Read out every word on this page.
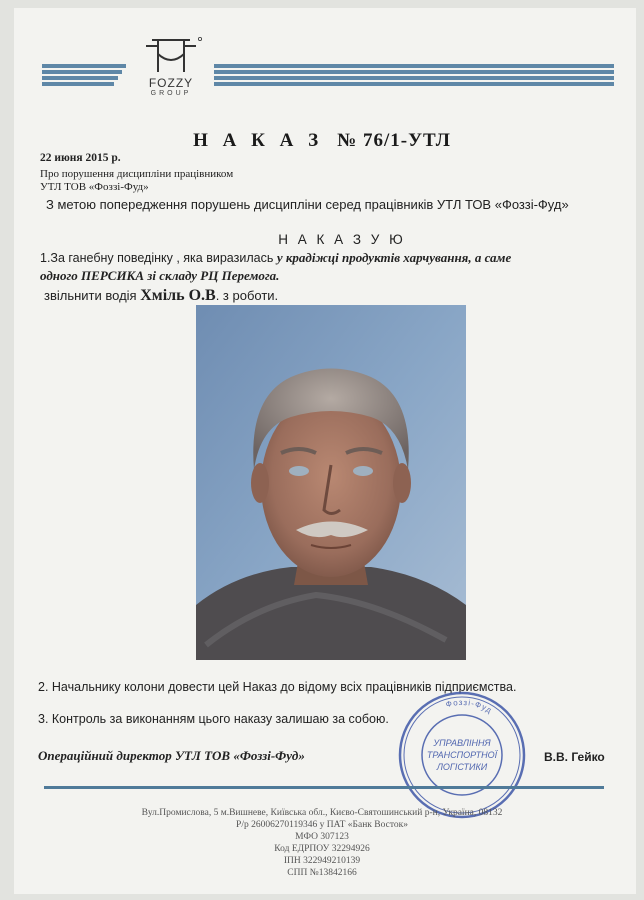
FOZZY
GROUP
Н А К А З № 76/1-УТЛ
22 июня 2015 р.
Про порушення дисципліни працівником
УТЛ ТОВ «Фоззі-Фуд»
З метою попередження порушень дисципліни серед працівників УТЛ ТОВ «Фоззі-Фуд»
Н А К А З У Ю
1.За ганебну поведінку , яка виразилась у крадіжці продуктів харчування, а саме
одного ПЕРСИКА зі складу РЦ Перемога.
звільнити водія Хміль О.В. з роботи.
2. Начальнику колони довести цей Наказ до відому всіх працівників підприємства.
3. Контроль за виконанням цього наказу залишаю за собою.
Операційний директор УТЛ ТОВ «Фоззі-Фуд»	В.В. Гейко
Фоззі-Фуд
УПРАВЛІННЯ
ТРАНСПОРТНОЇ
ЛОГІСТИКИ
Вул.Промислова, 5 м.Вишневе, Київська обл., Києво-Святошинський р-н, Україна, 08132
Р/р 26006270119346 у ПАТ «Банк Восток»
МФО 307123
Код ЕДРПОУ 32294926
ІПН 322949210139
СПП №13842166
